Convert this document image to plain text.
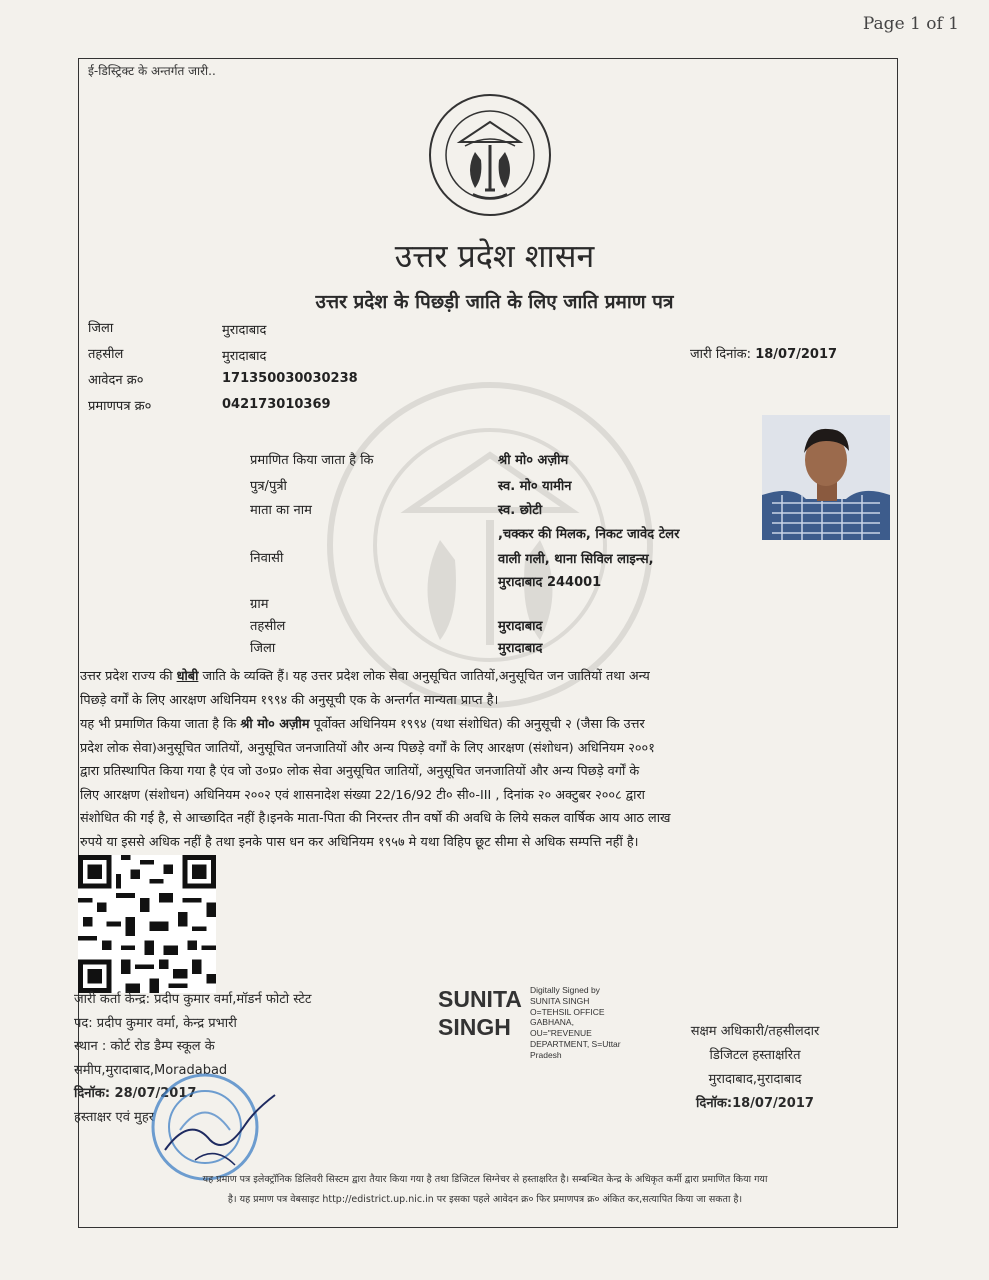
Page 1 of 1
ई-डिस्ट्रिक्ट के अन्तर्गत जारी..
उत्तर प्रदेश शासन
उत्तर प्रदेश के पिछड़ी जाति के लिए जाति प्रमाण पत्र
जिला	मुरादाबाद
तहसील	मुरादाबाद
आवेदन क्र०	171350030030238
प्रमाणपत्र क्र०	042173010369
जारी दिनांक: 18/07/2017
प्रमाणित किया जाता है कि	श्री मो० अज़ीम
पुत्र/पुत्री	स्व. मो० यामीन
माता का नाम	स्व. छोटी
,चक्कर की मिलक, निकट जावेद टेलर
निवासी	वाली गली, थाना सिविल लाइन्स,
मुरादाबाद 244001
ग्राम
तहसील	मुरादाबाद
जिला	मुरादाबाद
उत्तर प्रदेश राज्य की धोबी जाति के व्यक्ति हैं। यह उत्तर प्रदेश लोक सेवा अनुसूचित जातियों,अनुसूचित जन जातियों तथा अन्य
पिछड़े वर्गों के लिए आरक्षण अधिनियम १९९४ की अनुसूची एक के अन्तर्गत मान्यता प्राप्त है।
यह भी प्रमाणित किया जाता है कि श्री मो० अज़ीम पूर्वोक्त अधिनियम १९९४ (यथा संशोधित) की अनुसूची २ (जैसा कि उत्तर
प्रदेश लोक सेवा)अनुसूचित जातियों, अनुसूचित जनजातियों और अन्य पिछड़े वर्गों के लिए आरक्षण (संशोधन) अधिनियम २००१
द्वारा प्रतिस्थापित किया गया है एंव जो उ०प्र० लोक सेवा अनुसूचित जातियों, अनुसूचित जनजातियों और अन्य पिछड़े वर्गों के
लिए आरक्षण (संशोधन) अधिनियम २००२ एवं शासनादेश संख्या 22/16/92 टी० सी०-III , दिनांक २० अक्टुबर २००८ द्वारा
संशोधित की गई है, से आच्छादित नहीं है।इनके माता-पिता की निरन्तर तीन वर्षो की अवधि के लिये सकल वार्षिक आय आठ लाख
रुपये या इससे अधिक नहीं है तथा इनके पास धन कर अधिनियम १९५७ मे यथा विहिप छूट सीमा से अधिक सम्पत्ति नहीं है।
जारी कर्ता केन्द्र: प्रदीप कुमार वर्मा,मॉडर्न फोटो स्टेट
पद: प्रदीप कुमार वर्मा, केन्द्र प्रभारी
स्थान : कोर्ट रोड डैम्प स्कूल के
समीप,मुरादाबाद,Moradabad
दिनॉक: 28/07/2017
हस्ताक्षर एवं मुहर
SUNITA
SINGH
Digitally Signed by
SUNITA SINGH
O=TEHSIL OFFICE
GABHANA,
OU="REVENUE
DEPARTMENT, S=Uttar
Pradesh
सक्षम अधिकारी/तहसीलदार
डिजिटल हस्ताक्षरित
मुरादाबाद,मुरादाबाद
दिनॉक:18/07/2017
यह प्रमाण पत्र इलेक्ट्रॉनिक डिलिवरी सिस्टम द्वारा तैयार किया गया है तथा डिजिटल सिग्नेचर से हस्ताक्षरित है। सम्बन्धित केन्द्र के अधिकृत कर्मी द्वारा प्रमाणित किया गया
है। यह प्रमाण पत्र वेबसाइट http://edistrict.up.nic.in पर इसका पहले आवेदन क्र० फिर प्रमाणपत्र क्र० अंकित कर,सत्यापित किया जा सकता है।
